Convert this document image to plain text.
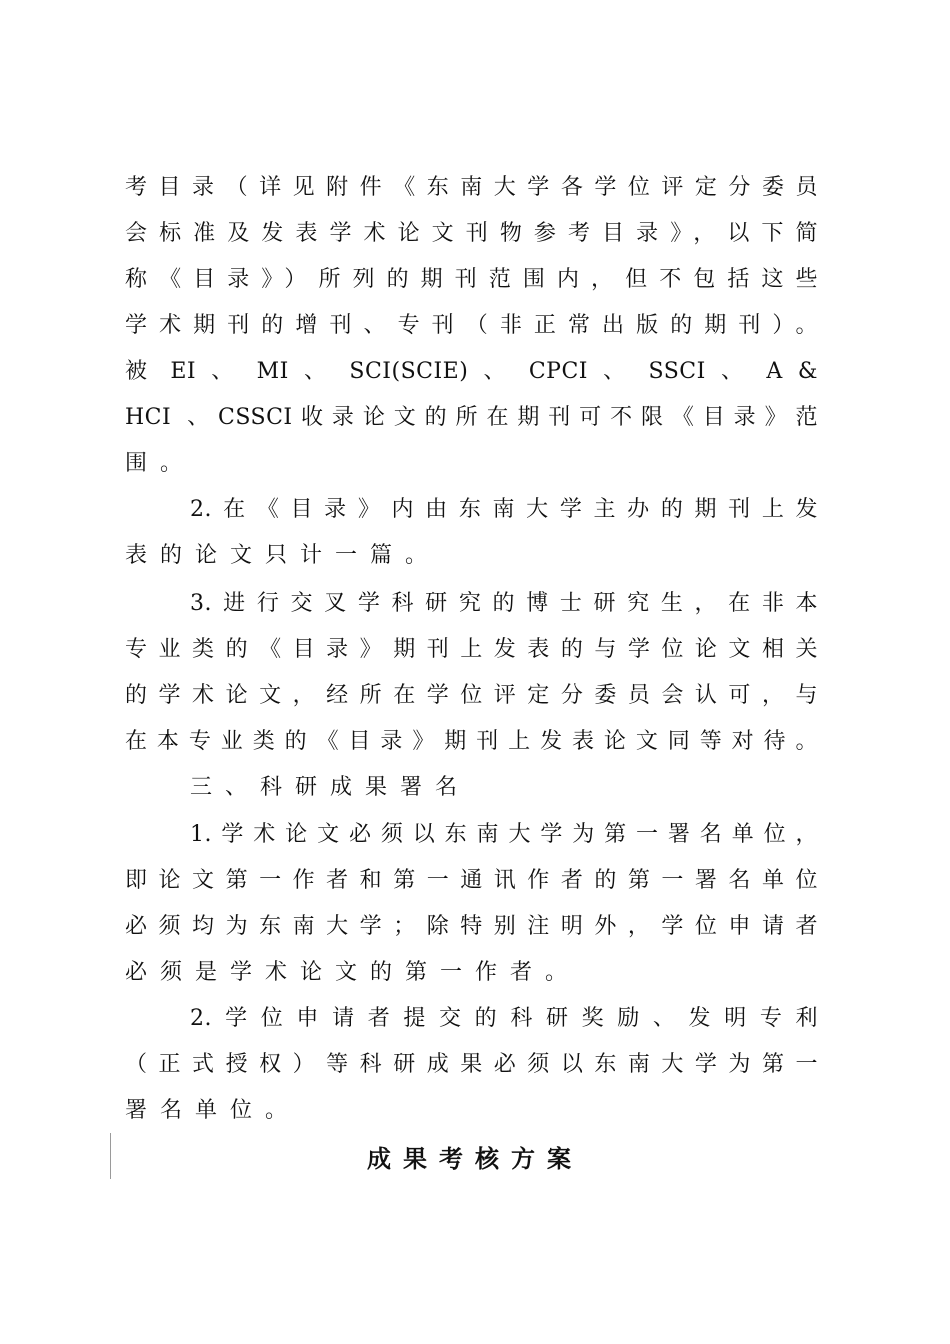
考目录（详见附件《东南大学各学位评定分委员
会标准及发表学术论文刊物参考目录》，以下简
称《目录》）所列的期刊范围内，但不包括这些
学术期刊的增刊、专刊（非正常出版的期刊）。
被 EI 、 MI 、 SCI(SCIE) 、 CPCI 、 SSCI 、 A &
HCI 、CSSCI收录论文的所在期刊可不限《目录》范
围。
2.在《目录》内由东南大学主办的期刊上发
表的论文只计一篇。
3.进行交叉学科研究的博士研究生，在非本
专业类的《目录》期刊上发表的与学位论文相关
的学术论文，经所在学位评定分委员会认可，与
在本专业类的《目录》期刊上发表论文同等对待。
三、科研成果署名
1.学术论文必须以东南大学为第一署名单位，
即论文第一作者和第一通讯作者的第一署名单位
必须均为东南大学；除特别注明外，学位申请者
必须是学术论文的第一作者。
2.学位申请者提交的科研奖励、发明专利
（正式授权）等科研成果必须以东南大学为第一
署名单位。
成果考核方案
